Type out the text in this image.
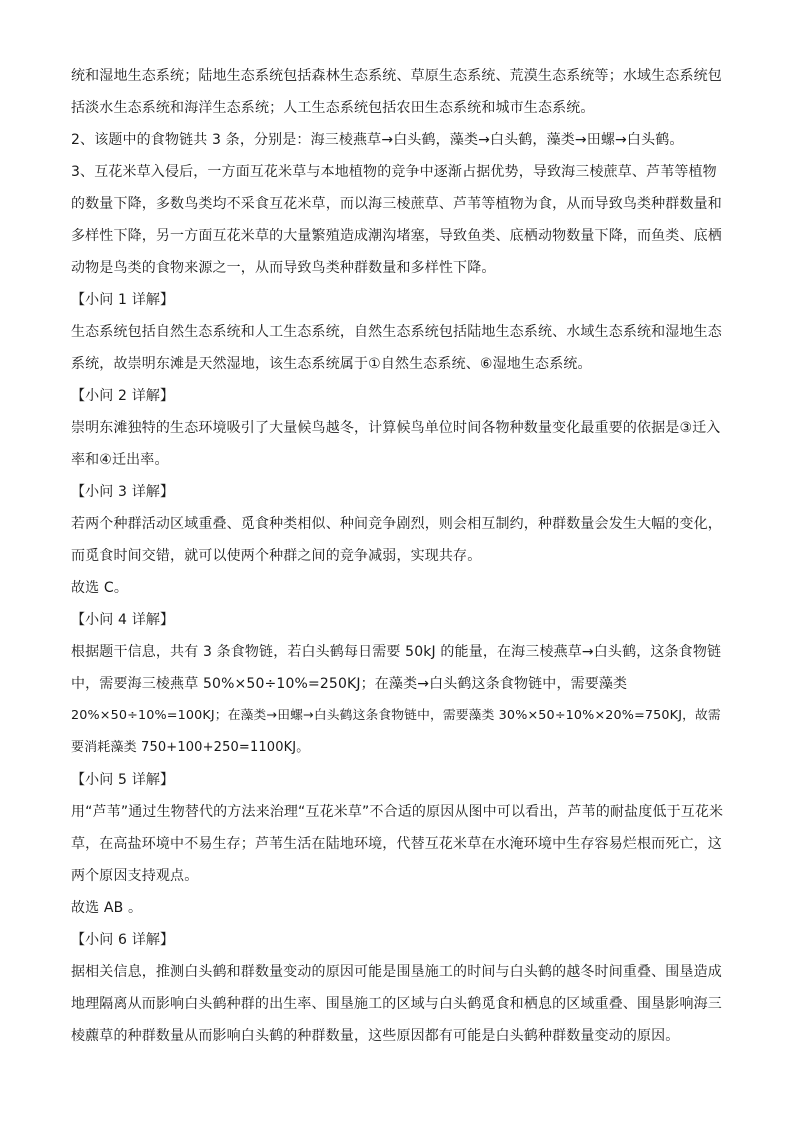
统和湿地生态系统；陆地生态系统包括森林生态系统、草原生态系统、荒漠生态系统等；水域生态系统包
括淡水生态系统和海洋生态系统；人工生态系统包括农田生态系统和城市生态系统。
2、该题中的食物链共 3 条，分别是：海三棱燕草→白头鹤，藻类→白头鹤，藻类→田螺→白头鹤。
3、互花米草入侵后，一方面互花米草与本地植物的竞争中逐渐占据优势，导致海三棱蔗草、芦苇等植物
的数量下降，多数鸟类均不采食互花米草，而以海三棱蔗草、芦苇等植物为食，从而导致鸟类种群数量和
多样性下降，另一方面互花米草的大量繁殖造成潮沟堵塞，导致鱼类、底栖动物数量下降，而鱼类、底栖
动物是鸟类的食物来源之一，从而导致鸟类种群数量和多样性下降。
【小问 1 详解】
生态系统包括自然生态系统和人工生态系统，自然生态系统包括陆地生态系统、水域生态系统和湿地生态
系统，故崇明东滩是天然湿地，该生态系统属于①自然生态系统、⑥湿地生态系统。
【小问 2 详解】
崇明东滩独特的生态环境吸引了大量候鸟越冬，计算候鸟单位时间各物种数量变化最重要的依据是③迁入
率和④迁出率。
【小问 3 详解】
若两个种群活动区域重叠、觅食种类相似、种间竞争剧烈，则会相互制约，种群数量会发生大幅的变化，
而觅食时间交错，就可以使两个种群之间的竞争减弱，实现共存。
故选 C。
【小问 4 详解】
根据题干信息，共有 3 条食物链，若白头鹤每日需要 50kJ 的能量，在海三棱燕草→白头鹤，这条食物链
中，需要海三棱燕草 50%×50÷10%=250KJ；在藻类→白头鹤这条食物链中，需要藻类
20%×50÷10%=100KJ；在藻类→田螺→白头鹤这条食物链中，需要藻类 30%×50÷10%×20%=750KJ，故需
要消耗藻类 750+100+250=1100KJ。
【小问 5 详解】
用“芦苇”通过生物替代的方法来治理“互花米草”不合适的原因从图中可以看出，芦苇的耐盐度低于互花米
草，在高盐环境中不易生存；芦苇生活在陆地环境，代替互花米草在水淹环境中生存容易烂根而死亡，这
两个原因支持观点。
故选 AB 。
【小问 6 详解】
据相关信息，推测白头鹤和群数量变动的原因可能是围垦施工的时间与白头鹤的越冬时间重叠、围垦造成
地理隔离从而影响白头鹤种群的出生率、围垦施工的区域与白头鹤觅食和栖息的区域重叠、围垦影响海三
棱藨草的种群数量从而影响白头鹤的种群数量，这些原因都有可能是白头鹤种群数量变动的原因。
